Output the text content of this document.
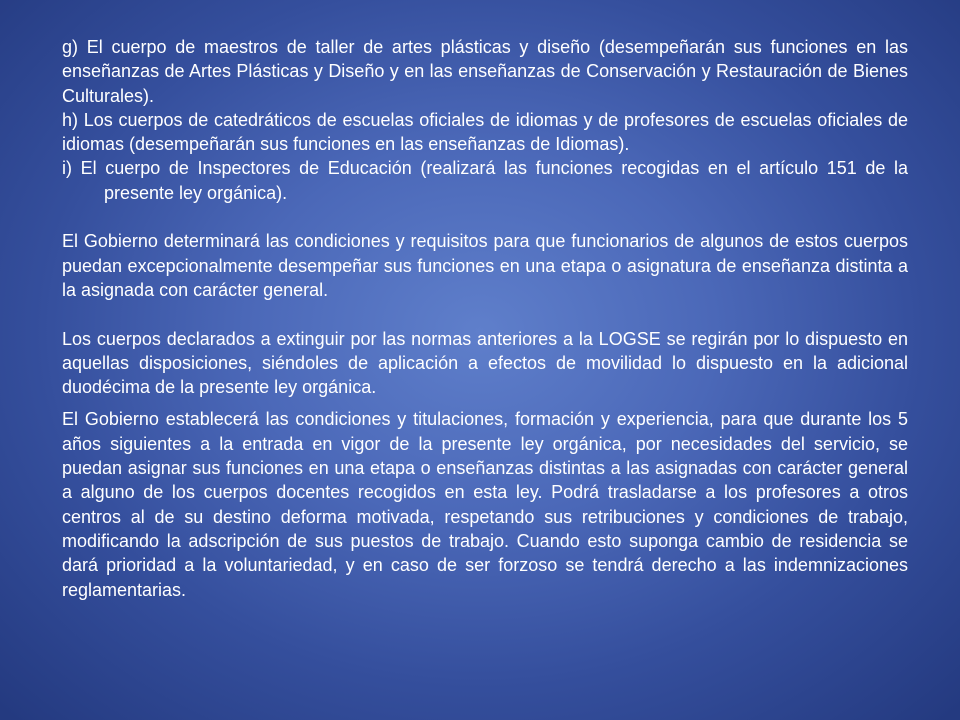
g) El cuerpo de maestros de taller de artes plásticas y diseño (desempeñarán sus funciones en las enseñanzas de Artes Plásticas y Diseño y en las enseñanzas de Conservación y Restauración de Bienes Culturales).

h) Los cuerpos de catedráticos de escuelas oficiales de idiomas y de profesores de escuelas oficiales de idiomas (desempeñarán sus funciones en las enseñanzas de Idiomas).

i) El cuerpo de Inspectores de Educación (realizará las funciones recogidas en el artículo 151 de la presente ley orgánica).

El Gobierno determinará las condiciones y requisitos para que funcionarios de algunos de estos cuerpos puedan excepcionalmente desempeñar sus funciones en una etapa o asignatura de enseñanza distinta a la asignada con carácter general.

Los cuerpos declarados a extinguir por las normas anteriores a la LOGSE se regirán por lo dispuesto en aquellas disposiciones, siéndoles de aplicación a efectos de movilidad lo dispuesto en la adicional duodécima de la presente ley orgánica.

El Gobierno establecerá las condiciones y titulaciones, formación y experiencia, para que durante los 5 años siguientes a la entrada en vigor de la presente ley orgánica, por necesidades del servicio, se puedan asignar sus funciones en una etapa o enseñanzas distintas a las asignadas con carácter general a alguno de los cuerpos docentes recogidos en esta ley. Podrá trasladarse a los profesores a otros centros al de su destino deforma motivada, respetando sus retribuciones y condiciones de trabajo, modificando la adscripción de sus puestos de trabajo. Cuando esto suponga cambio de residencia se dará prioridad a la voluntariedad, y en caso de ser forzoso se tendrá derecho a las indemnizaciones reglamentarias.
